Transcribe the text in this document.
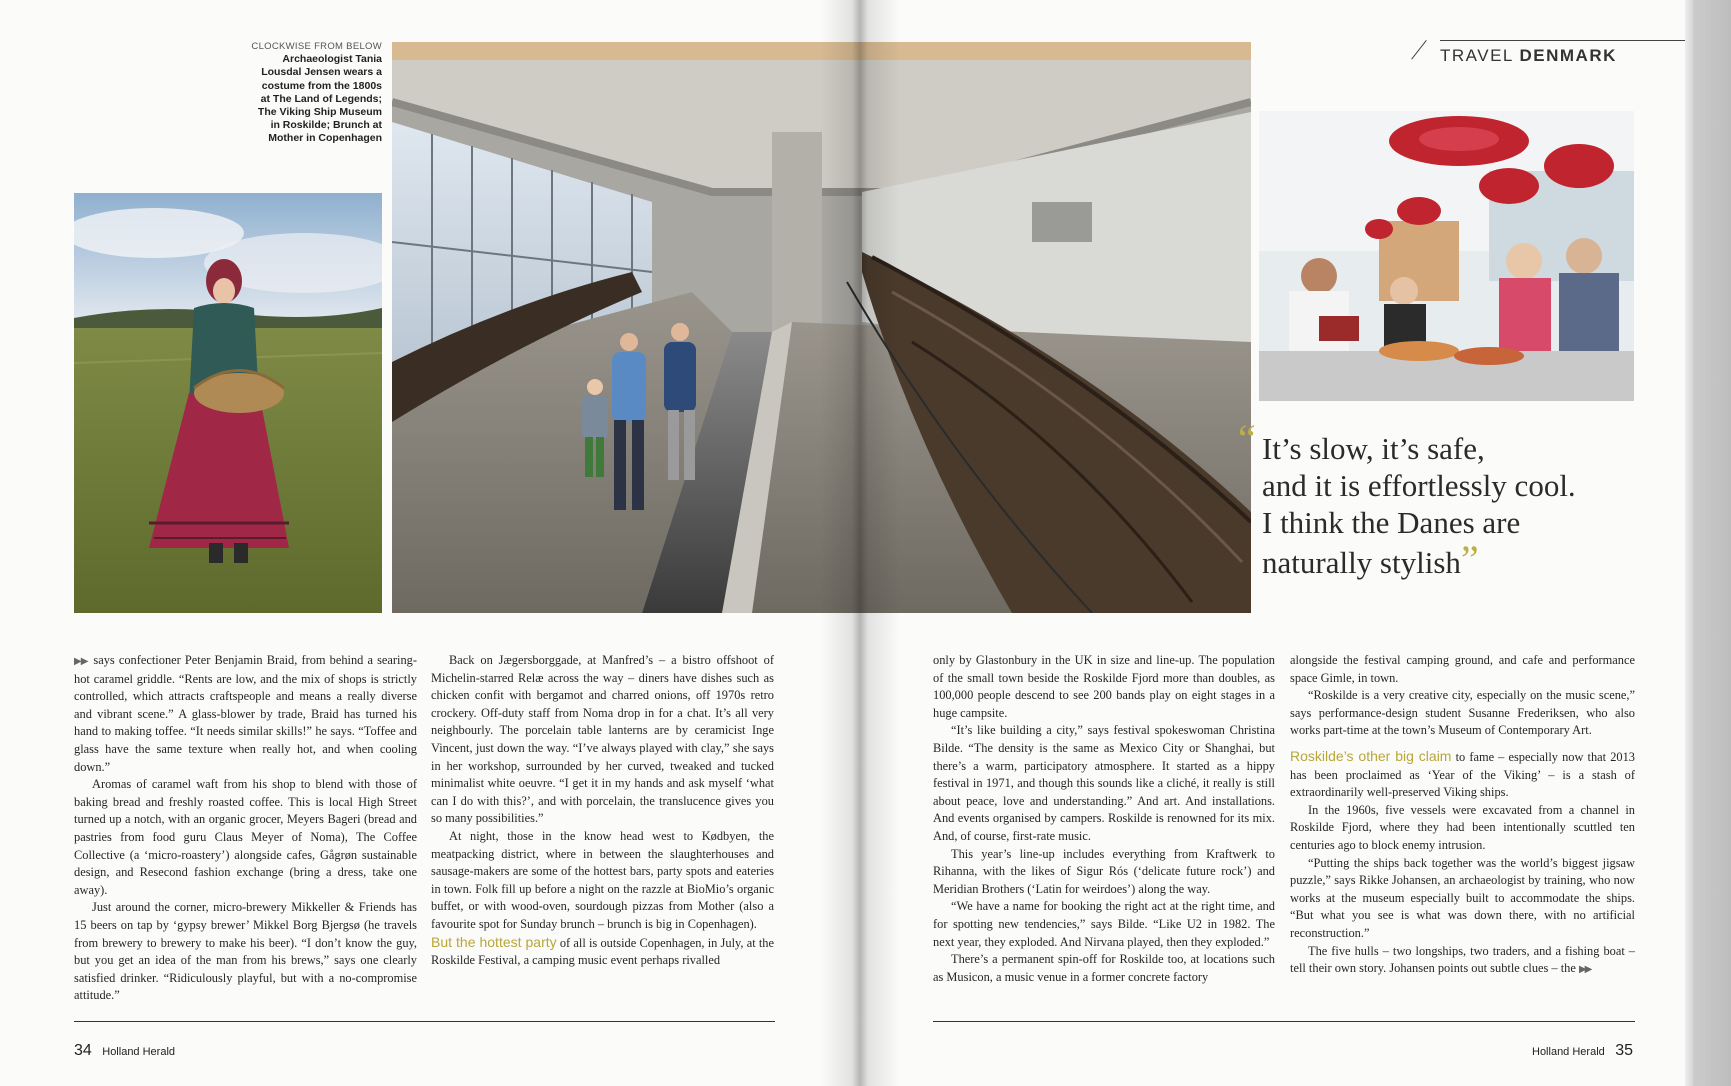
CLOCKWISE FROM BELOW
Archaeologist Tania Lousdal Jensen wears a costume from the 1800s at The Land of Legends; The Viking Ship Museum in Roskilde; Brunch at Mother in Copenhagen
TRAVEL DENMARK
“ It’s slow, it’s safe,
and it is effortlessly cool.
I think the Danes are
naturally stylish”

▶▶ says confectioner Peter Benjamin Braid, from behind a searing-hot caramel griddle. “Rents are low, and the mix of shops is strictly controlled, which attracts craftspeople and means a really diverse and vibrant scene.” A glass-blower by trade, Braid has turned his hand to making toffee. “It needs similar skills!” he says. “Toffee and glass have the same texture when really hot, and when cooling down.”

Aromas of caramel waft from his shop to blend with those of baking bread and freshly roasted coffee. This is local High Street turned up a notch, with an organic grocer, Meyers Bageri (bread and pastries from food guru Claus Meyer of Noma), The Coffee Collective (a ‘micro-roastery’) alongside cafes, Gågrøn sustainable design, and Resecond fashion exchange (bring a dress, take one away).

Just around the corner, micro-brewery Mikkeller & Friends has 15 beers on tap by ‘gypsy brewer’ Mikkel Borg Bjergsø (he travels from brewery to brewery to make his beer). “I don’t know the guy, but you get an idea of the man from his brews,” says one clearly satisfied drinker. “Ridiculously playful, but with a no-compromise attitude.”

Back on Jægersborggade, at Manfred’s – a bistro offshoot of Michelin-starred Relæ across the way – diners have dishes such as chicken confit with bergamot and charred onions, off 1970s retro crockery. Off-duty staff from Noma drop in for a chat. It’s all very neighbourly. The porcelain table lanterns are by ceramicist Inge Vincent, just down the way. “I’ve always played with clay,” she says in her workshop, surrounded by her curved, tweaked and tucked minimalist white oeuvre. “I get it in my hands and ask myself ‘what can I do with this?’, and with porcelain, the translucence gives you so many possibilities.”

At night, those in the know head west to Kødbyen, the meatpacking district, where in between the slaughterhouses and sausage-makers are some of the hottest bars, party spots and eateries in town. Folk fill up before a night on the razzle at BioMio’s organic buffet, or with wood-oven, sourdough pizzas from Mother (also a favourite spot for Sunday brunch – brunch is big in Copenhagen).

But the hottest party of all is outside Copenhagen, in July, at the Roskilde Festival, a camping music event perhaps rivalled

only by Glastonbury in the UK in size and line-up. The population of the small town beside the Roskilde Fjord more than doubles, as 100,000 people descend to see 200 bands play on eight stages in a huge campsite.

“It’s like building a city,” says festival spokeswoman Christina Bilde. “The density is the same as Mexico City or Shanghai, but there’s a warm, participatory atmosphere. It started as a hippy festival in 1971, and though this sounds like a cliché, it really is still about peace, love and understanding.” And art. And installations. And events organised by campers. Roskilde is renowned for its mix. And, of course, first-rate music.

This year’s line-up includes everything from Kraftwerk to Rihanna, with the likes of Sigur Rós (‘delicate future rock’) and Meridian Brothers (‘Latin for weirdoes’) along the way.

“We have a name for booking the right act at the right time, and for spotting new tendencies,” says Bilde. “Like U2 in 1982. The next year, they exploded. And Nirvana played, then they exploded.”

There’s a permanent spin-off for Roskilde too, at locations such as Musicon, a music venue in a former concrete factory

alongside the festival camping ground, and cafe and performance space Gimle, in town.

“Roskilde is a very creative city, especially on the music scene,” says performance-design student Susanne Frederiksen, who also works part-time at the town’s Museum of Contemporary Art.

Roskilde’s other big claim to fame – especially now that 2013 has been proclaimed as ‘Year of the Viking’ – is a stash of extraordinarily well-preserved Viking ships.

In the 1960s, five vessels were excavated from a channel in Roskilde Fjord, where they had been intentionally scuttled ten centuries ago to block enemy intrusion.

“Putting the ships back together was the world’s biggest jigsaw puzzle,” says Rikke Johansen, an archaeologist by training, who now works at the museum especially built to accommodate the ships. “But what you see is what was down there, with no artificial reconstruction.”

The five hulls – two longships, two traders, and a fishing boat – tell their own story. Johansen points out subtle clues – the ▶▶

34 Holland Herald	Holland Herald 35
